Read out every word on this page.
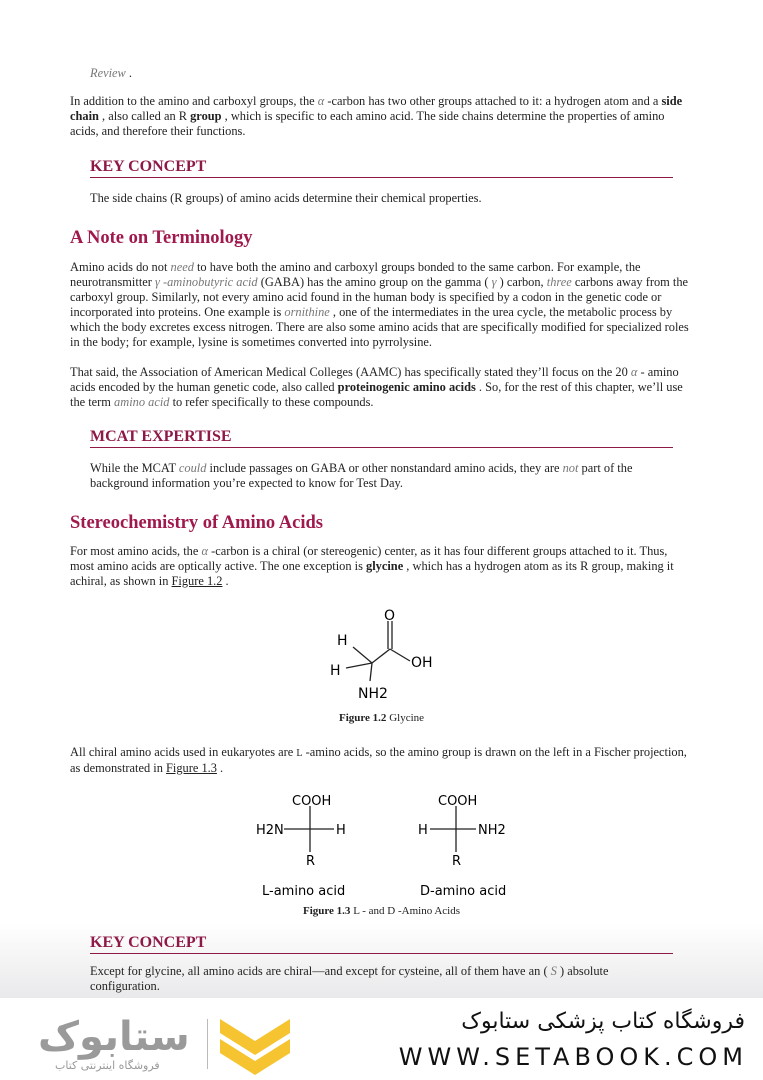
Review .
In addition to the amino and carboxyl groups, the α -carbon has two other groups attached to it: a hydrogen atom and a side chain , also called an R group , which is specific to each amino acid. The side chains determine the properties of amino acids, and therefore their functions.
KEY CONCEPT
The side chains (R groups) of amino acids determine their chemical properties.
A Note on Terminology
Amino acids do not need to have both the amino and carboxyl groups bonded to the same carbon. For example, the neurotransmitter γ -aminobutyric acid (GABA) has the amino group on the gamma ( γ ) carbon, three carbons away from the carboxyl group. Similarly, not every amino acid found in the human body is specified by a codon in the genetic code or incorporated into proteins. One example is ornithine , one of the intermediates in the urea cycle, the metabolic process by which the body excretes excess nitrogen. There are also some amino acids that are specifically modified for specialized roles in the body; for example, lysine is sometimes converted into pyrrolysine.
That said, the Association of American Medical Colleges (AAMC) has specifically stated they’ll focus on the 20 α - amino acids encoded by the human genetic code, also called proteinogenic amino acids . So, for the rest of this chapter, we’ll use the term amino acid to refer specifically to these compounds.
MCAT EXPERTISE
While the MCAT could include passages on GABA or other nonstandard amino acids, they are not part of the background information you’re expected to know for Test Day.
Stereochemistry of Amino Acids
For most amino acids, the α -carbon is a chiral (or stereogenic) center, as it has four different groups attached to it. Thus, most amino acids are optically active. The one exception is glycine , which has a hydrogen atom as its R group, making it achiral, as shown in Figure 1.2 .
O
H
H	OH
NH2
Figure 1.2 Glycine
All chiral amino acids used in eukaryotes are L -amino acids, so the amino group is drawn on the left in a Fischer projection, as demonstrated in Figure 1.3 .
COOH
H2N	H
R
COOH
H	NH2
R
L-amino acid	D-amino acid
Figure 1.3 L - and D -Amino Acids
KEY CONCEPT
Except for glycine, all amino acids are chiral—and except for cysteine, all of them have an ( S ) absolute configuration.
ستابوک
فروشگاه اینترنتی کتاب
فروشگاه کتاب پزشکی ستابوک
WWW.SETABOOK.COM
